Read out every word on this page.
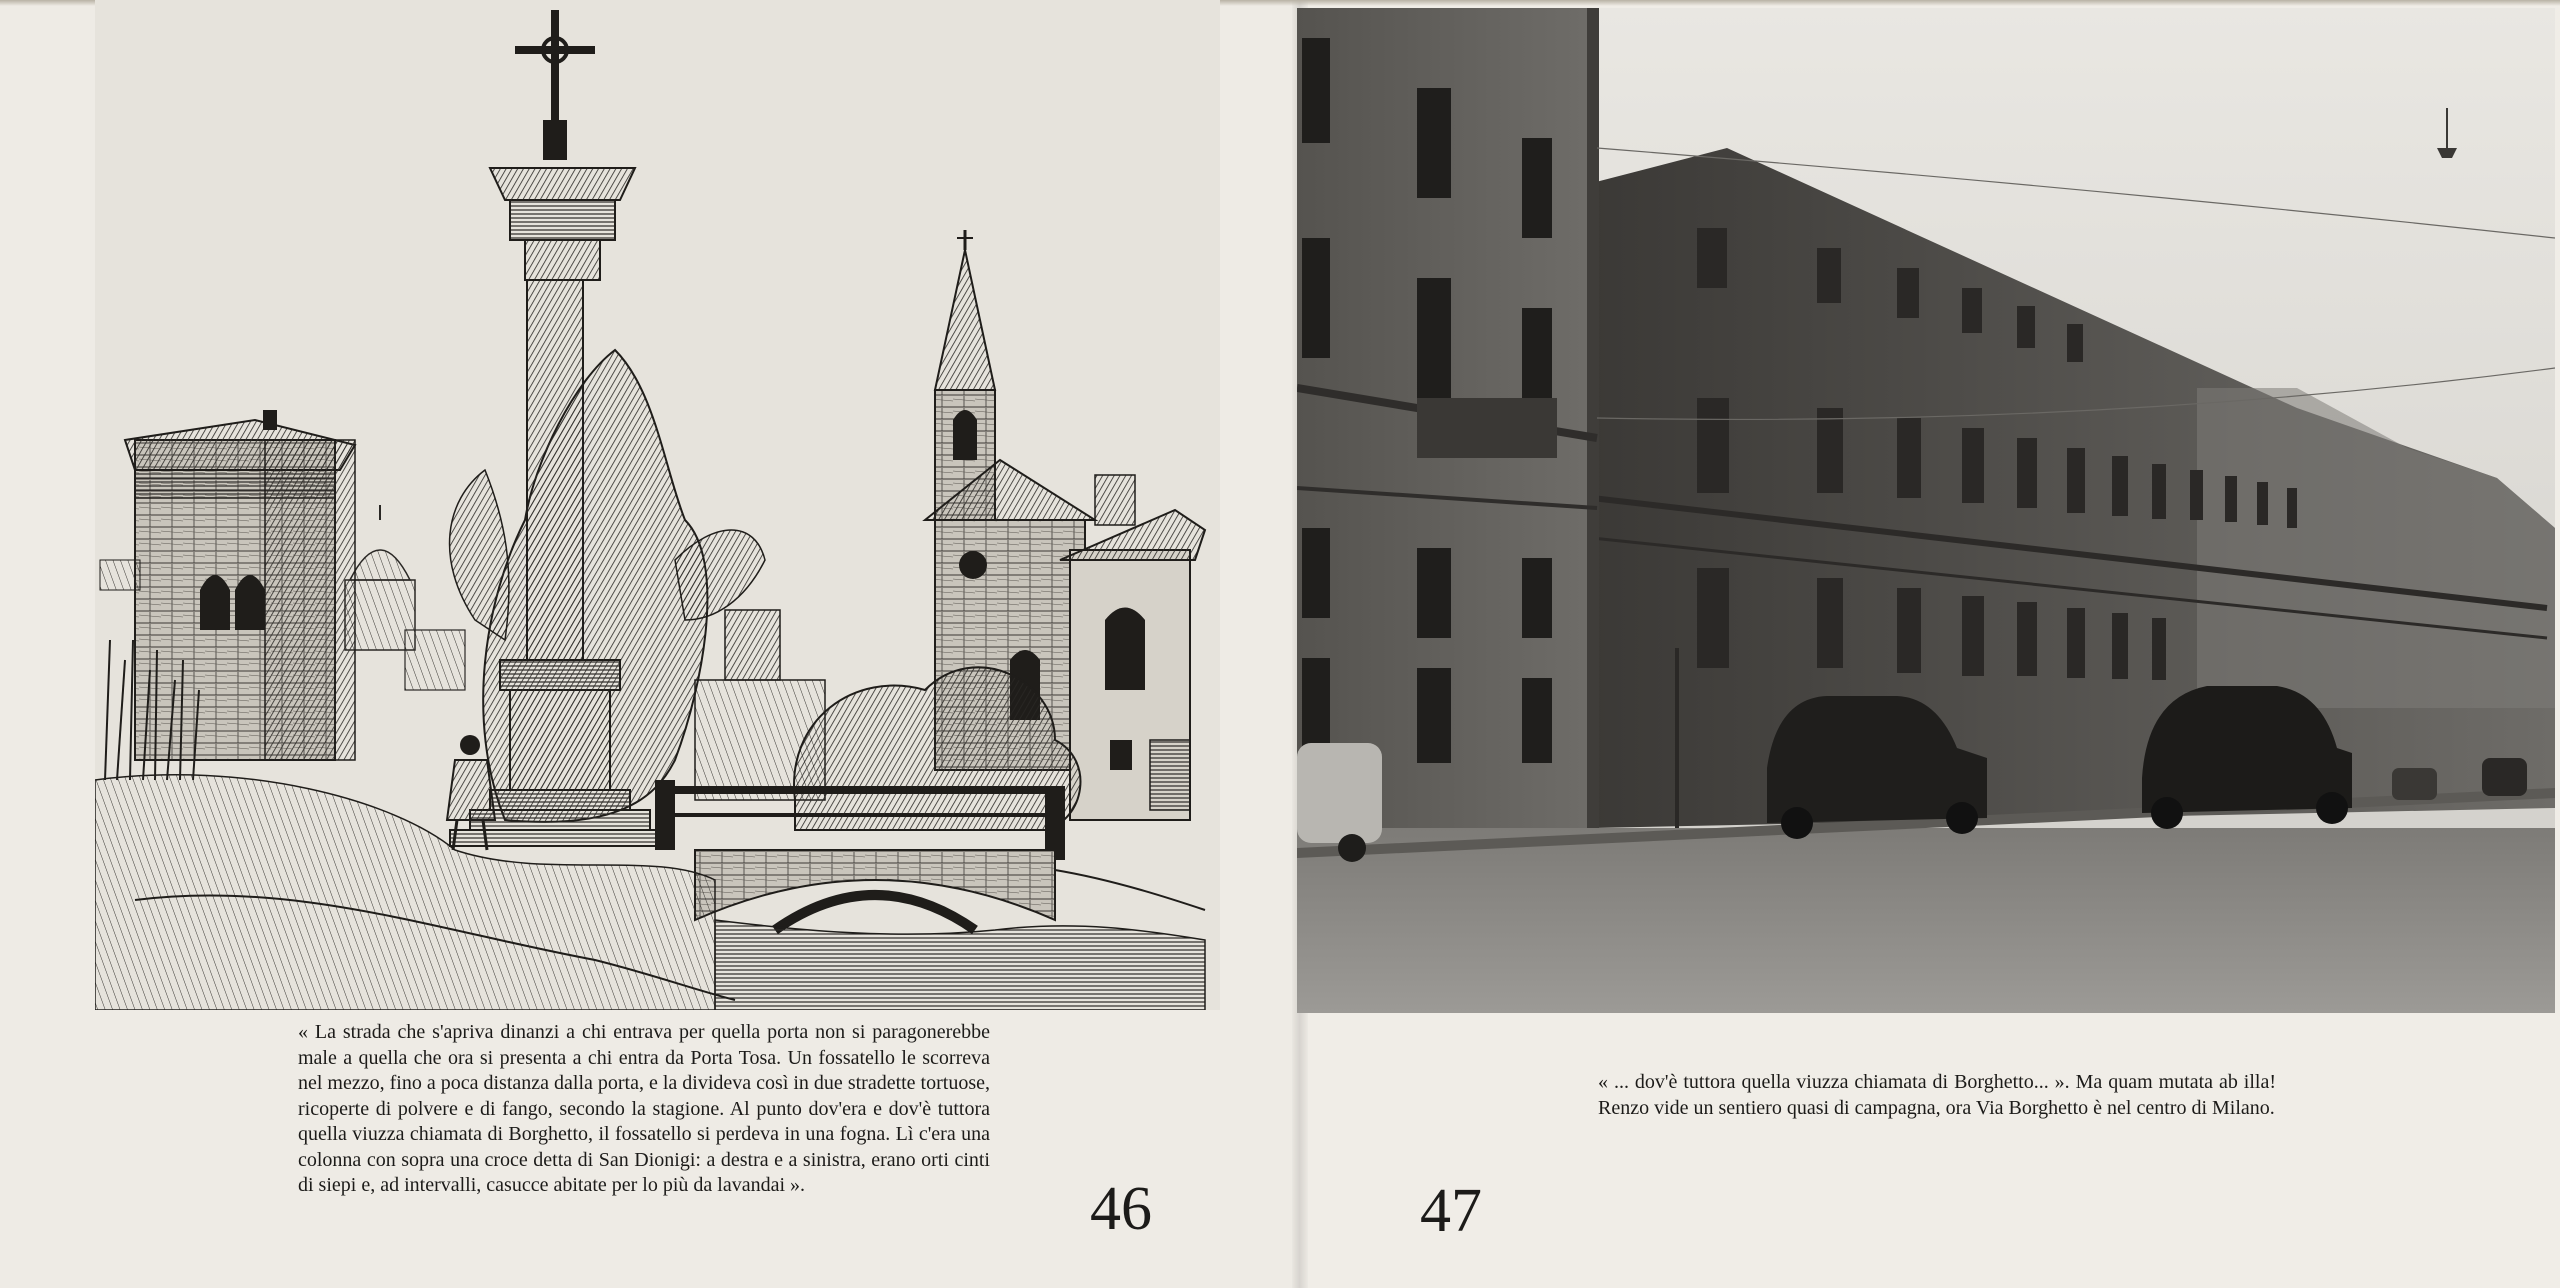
« La strada che s'apriva dinanzi a chi entrava per quella porta non si paragonerebbe male a quella che ora si presenta a chi entra da Porta Tosa. Un fossatello le scorreva nel mezzo, fino a poca distanza dalla porta, e la divideva così in due stradette tortuose, ricoperte di polvere e di fango, secondo la stagione. Al punto dov'era e dov'è tuttora quella viuzza chiamata di Borghetto, il fossatello si perdeva in una fogna. Lì c'era una colonna con sopra una croce detta di San Dionigi: a destra e a sinistra, erano orti cinti di siepi e, ad intervalli, casucce abitate per lo più da lavandai ».

« ... dov'è tuttora quella viuzza chiamata di Borghetto... ». Ma quam mutata ab illa! Renzo vide un sentiero quasi di campagna, ora Via Borghetto è nel centro di Milano.

46	47
